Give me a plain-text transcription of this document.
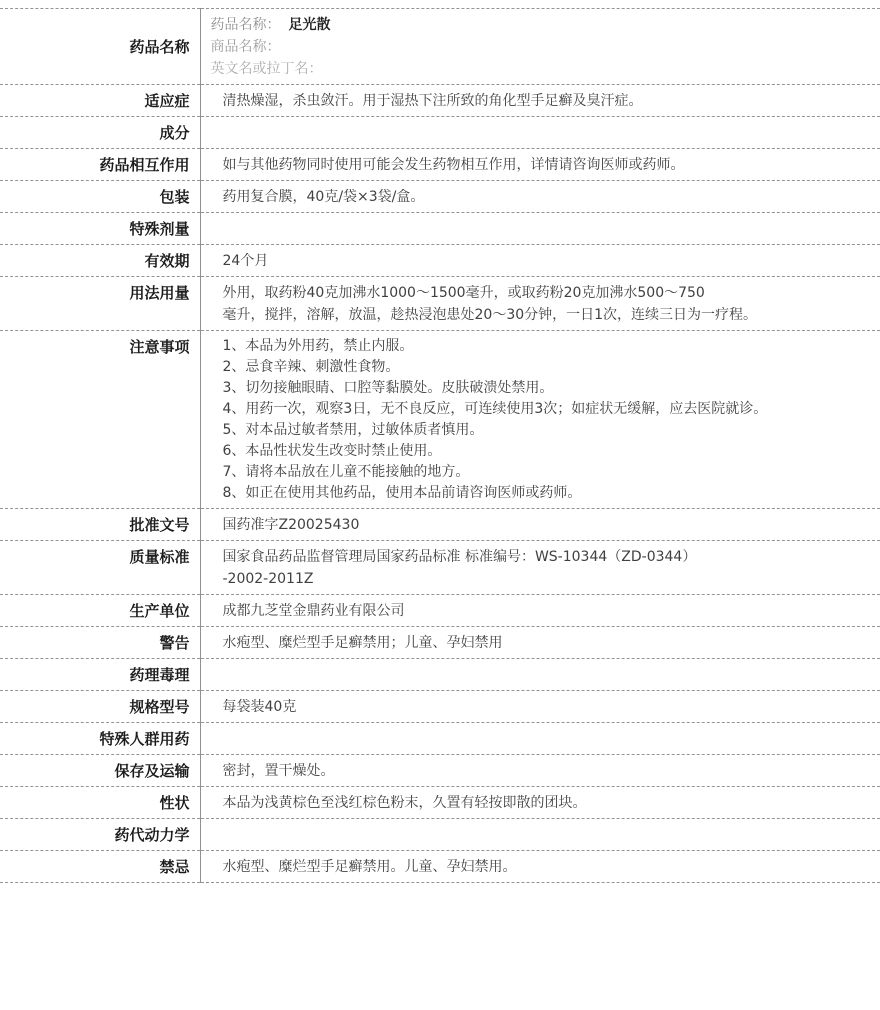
药品名称	药品名称： 足光散
商品名称：
英文名或拉丁名：

适应症	清热燥湿，杀虫敛汗。用于湿热下注所致的角化型手足癣及臭汗症。
成分	
药品相互作用	如与其他药物同时使用可能会发生药物相互作用，详情请咨询医师或药师。
包装	药用复合膜，40克/袋×3袋/盒。
特殊剂量	
有效期	24个月
用法用量	外用，取药粉40克加沸水1000～1500毫升，或取药粉20克加沸水500～750
毫升，搅拌，溶解，放温，趁热浸泡患处20～30分钟，一日1次，连续三日为一疗程。

注意事项	1、本品为外用药，禁止内服。
2、忌食辛辣、刺激性食物。
3、切勿接触眼睛、口腔等黏膜处。皮肤破溃处禁用。
4、用药一次，观察3日，无不良反应，可连续使用3次；如症状无缓解，应去医院就诊。
5、对本品过敏者禁用，过敏体质者慎用。
6、本品性状发生改变时禁止使用。
7、请将本品放在儿童不能接触的地方。
8、如正在使用其他药品，使用本品前请咨询医师或药师。

批准文号	国药准字Z20025430
质量标准	国家食品药品监督管理局国家药品标准 标准编号：WS-10344（ZD-0344）
-2002-2011Z

生产单位	成都九芝堂金鼎药业有限公司
警告	水疱型、糜烂型手足癣禁用；儿童、孕妇禁用
药理毒理	
规格型号	每袋装40克
特殊人群用药	
保存及运输	密封，置干燥处。
性状	本品为浅黄棕色至浅红棕色粉末，久置有轻按即散的团块。
药代动力学	
禁忌	水疱型、糜烂型手足癣禁用。儿童、孕妇禁用。
